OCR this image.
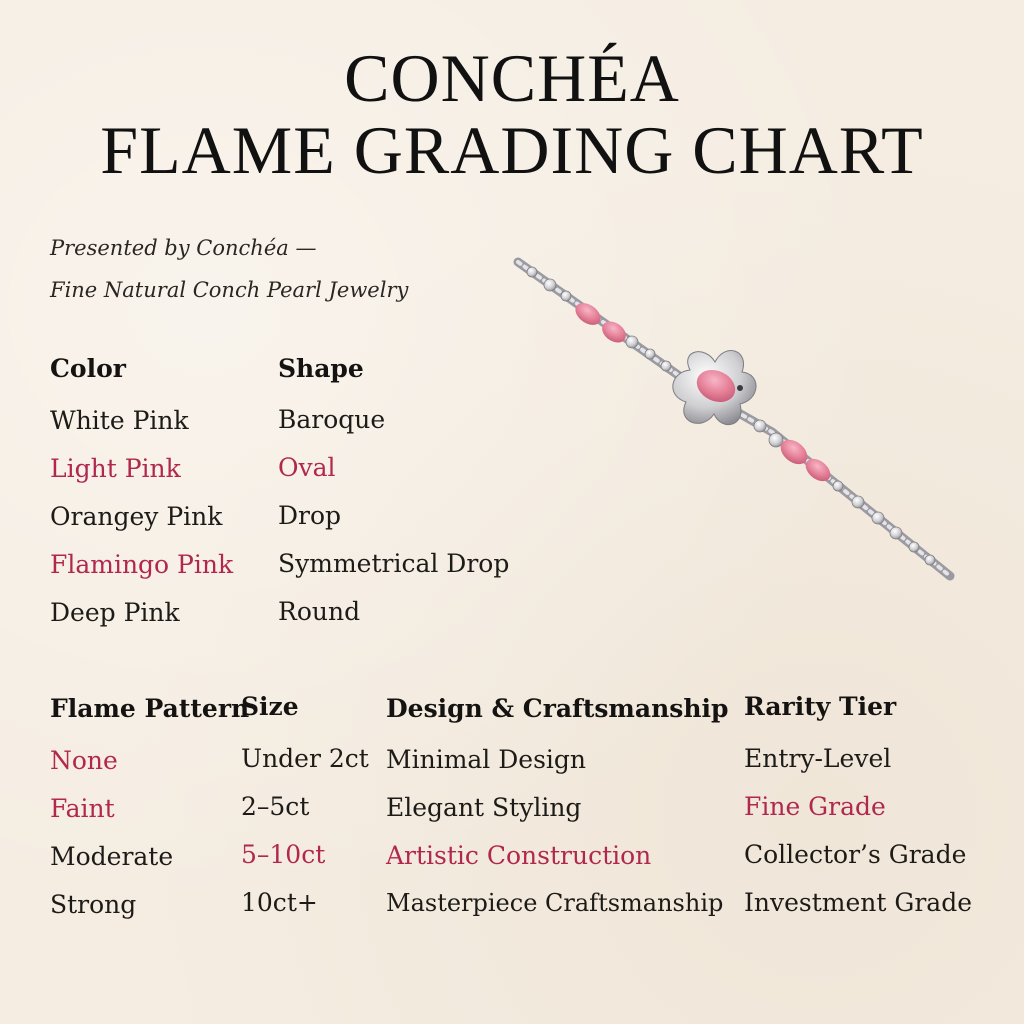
CONCHÉA
FLAME GRADING CHART
Presented by Conchéa —
Fine Natural Conch Pearl Jewelry
Color	Shape
White Pink
Light Pink
Orangey Pink
Flamingo Pink
Deep Pink
Baroque
Oval
Drop
Symmetrical Drop
Round
Flame Pattern
Size	Design & Craftsmanship Rarity Tier
None
Faint
Moderate
Strong
Under 2ct
2–5ct
5–10ct
10ct+
Minimal Design
Elegant Styling
Artistic Construction
Masterpiece Craftsmanship
Entry-Level
Fine Grade
Collector’s Grade
Investment Grade
